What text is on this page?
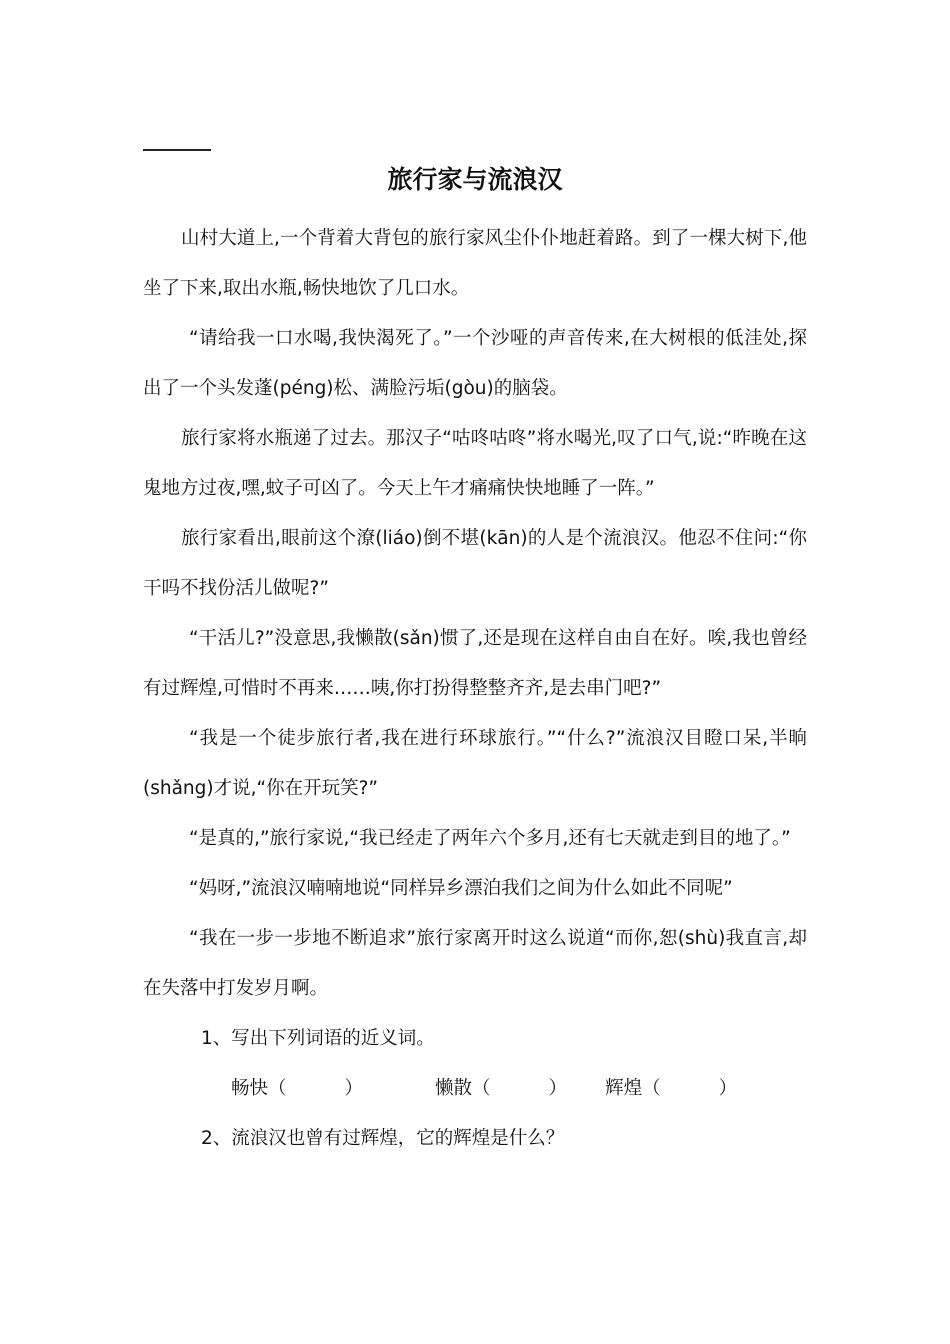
旅行家与流浪汉

山村大道上,一个背着大背包的旅行家风尘仆仆地赶着路。到了一棵大树下,他坐了下来,取出水瓶,畅快地饮了几口水。

“请给我一口水喝,我快渴死了。”一个沙哑的声音传来,在大树根的低洼处,探出了一个头发蓬(péng)松、满脸污垢(gòu)的脑袋。

旅行家将水瓶递了过去。那汉子“咕咚咕咚”将水喝光,叹了口气,说:“昨晚在这鬼地方过夜,嘿,蚊子可凶了。今天上午才痛痛快快地睡了一阵。”

旅行家看出,眼前这个潦(liáo)倒不堪(kān)的人是个流浪汉。他忍不住问:“你干吗不找份活儿做呢?”

“干活儿?”没意思,我懒散(sǎn)惯了,还是现在这样自由自在好。唉,我也曾经有过辉煌,可惜时不再来……咦,你打扮得整整齐齐,是去串门吧?”

“我是一个徒步旅行者,我在进行环球旅行。”“什么?”流浪汉目瞪口呆,半晌(shǎng)才说,“你在开玩笑?”

“是真的,”旅行家说,“我已经走了两年六个多月,还有七天就走到目的地了。”

“妈呀,”流浪汉喃喃地说“同样异乡漂泊我们之间为什么如此不同呢”

“我在一步一步地不断追求”旅行家离开时这么说道“而你,恕(shù)我直言,却在失落中打发岁月啊。

1、写出下列词语的近义词。

畅快（	）	懒散（	） 辉煌（	）

2、流浪汉也曾有过辉煌，它的辉煌是什么？
